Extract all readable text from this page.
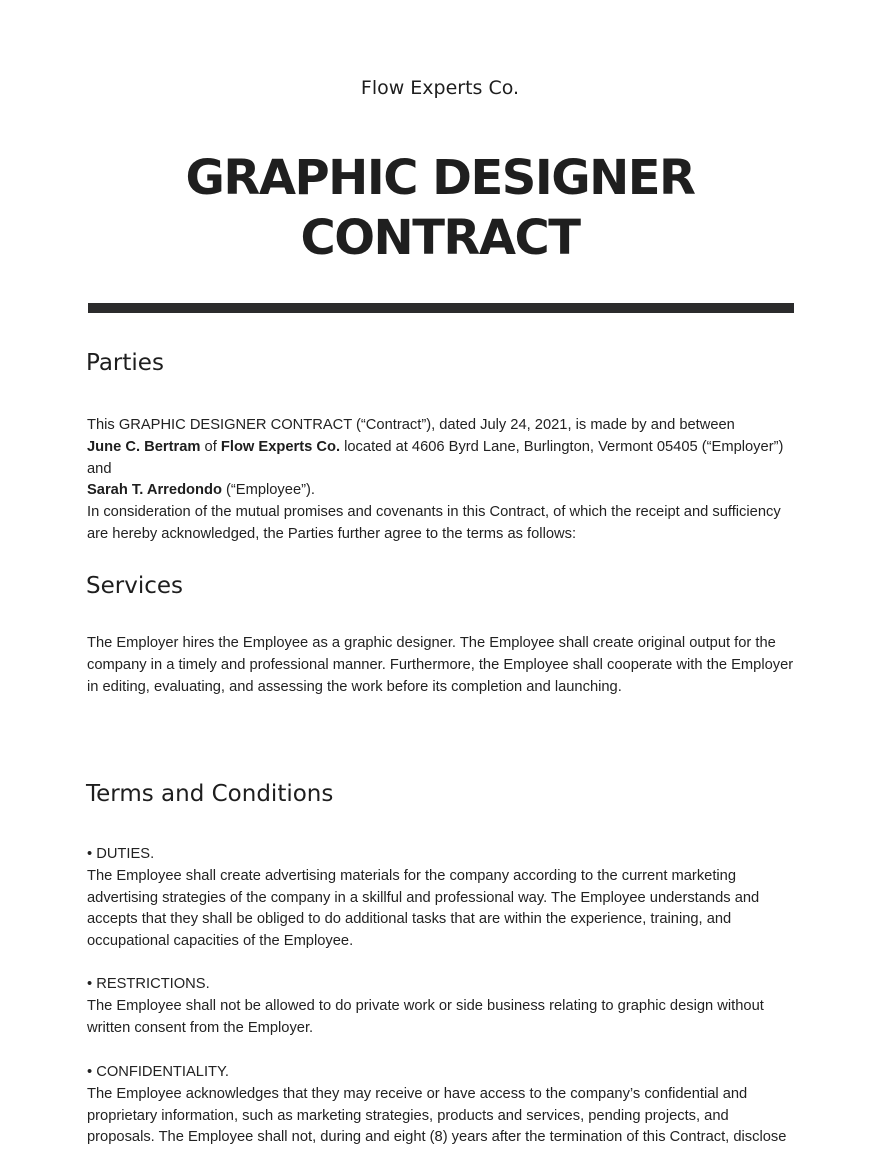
Flow Experts Co.
GRAPHIC DESIGNER
CONTRACT
Parties
This GRAPHIC DESIGNER CONTRACT (“Contract”), dated July 24, 2021, is made by and between
June C. Bertram of Flow Experts Co. located at 4606 Byrd Lane, Burlington, Vermont 05405 (“Employer”) and
Sarah T. Arredondo (“Employee”).
In consideration of the mutual promises and covenants in this Contract, of which the receipt and sufficiency are hereby acknowledged, the Parties further agree to the terms as follows:
Services
The Employer hires the Employee as a graphic designer. The Employee shall create original output for the company in a timely and professional manner. Furthermore, the Employee shall cooperate with the Employer in editing, evaluating, and assessing the work before its completion and launching.
Terms and Conditions
• DUTIES.
The Employee shall create advertising materials for the company according to the current marketing advertising strategies of the company in a skillful and professional way. The Employee understands and accepts that they shall be obliged to do additional tasks that are within the experience, training, and occupational capacities of the Employee.
• RESTRICTIONS.
The Employee shall not be allowed to do private work or side business relating to graphic design without written consent from the Employer.
• CONFIDENTIALITY.
The Employee acknowledges that they may receive or have access to the company’s confidential and proprietary information, such as marketing strategies, products and services, pending projects, and proposals. The Employee shall not, during and eight (8) years after the termination of this Contract, disclose
